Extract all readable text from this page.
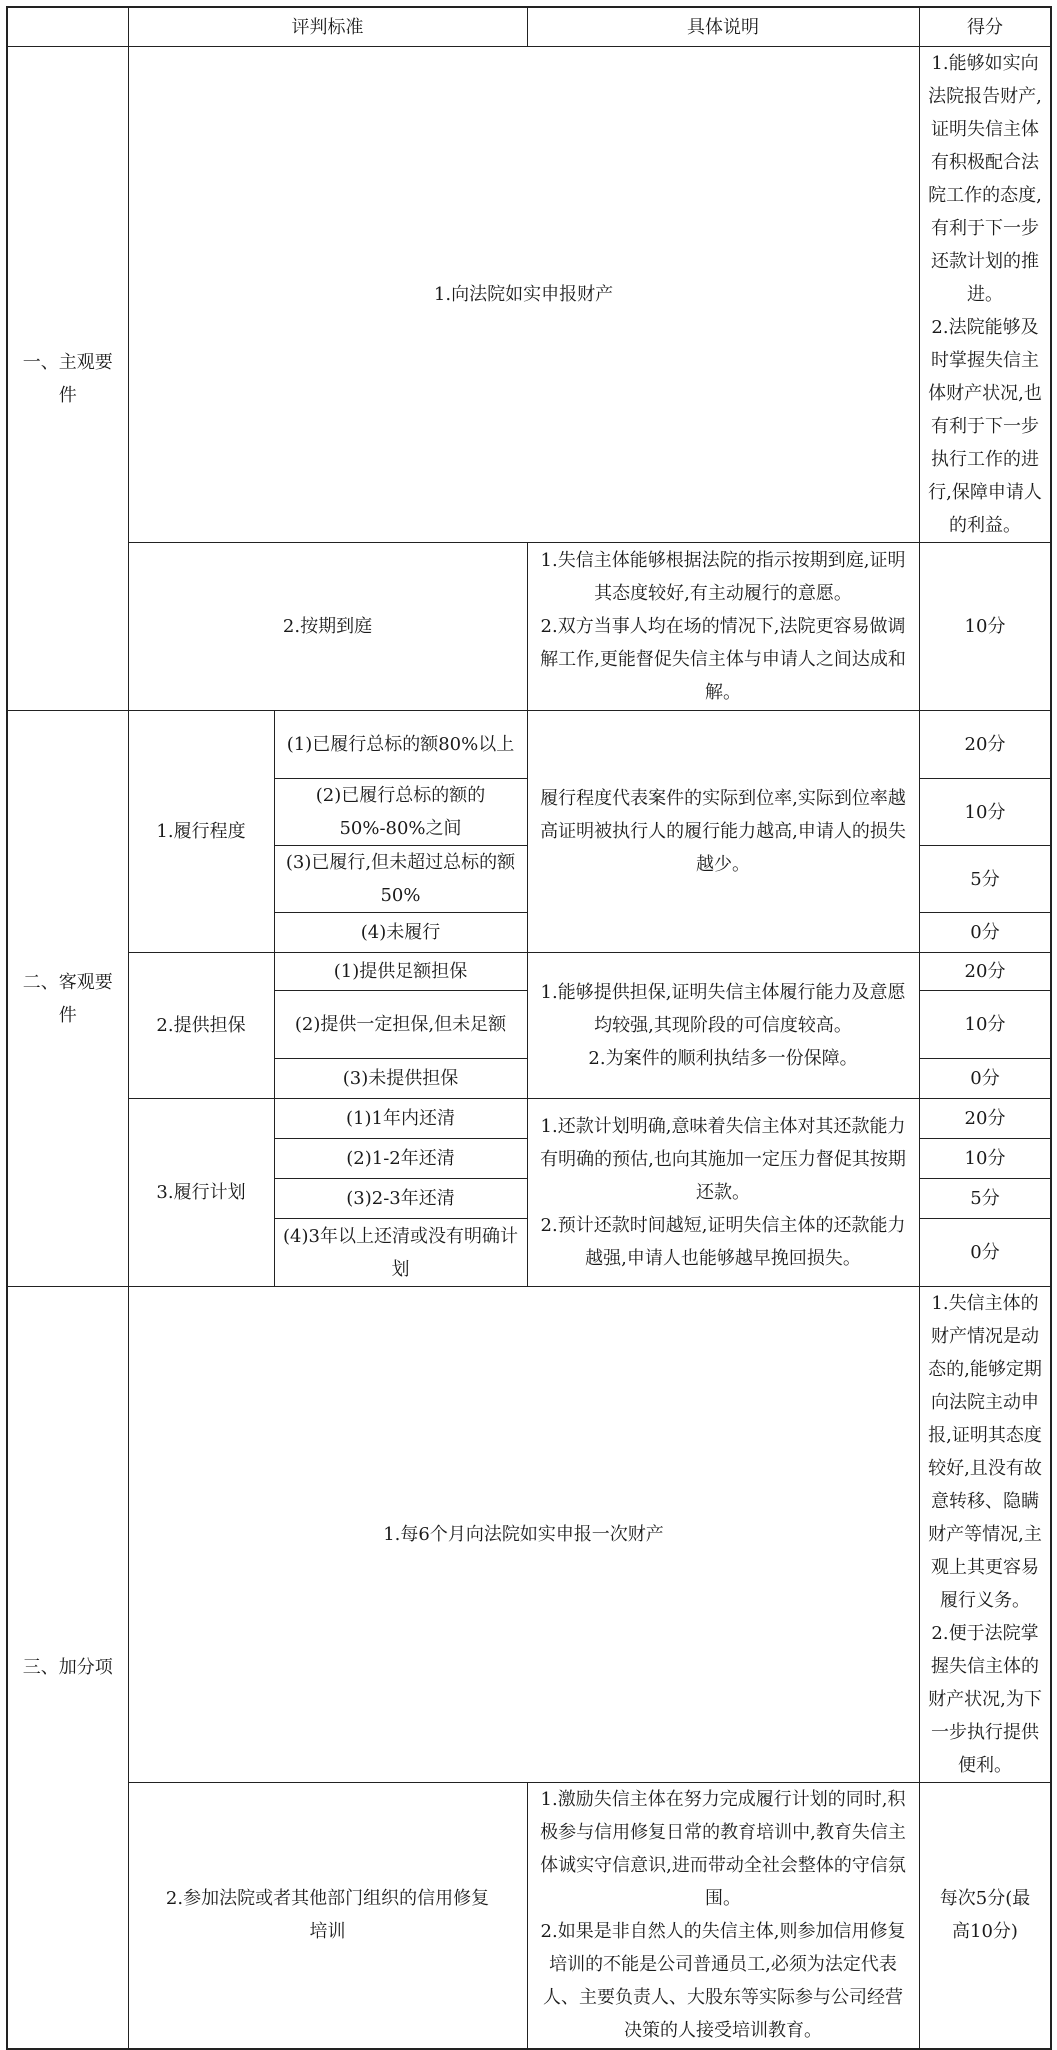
	评判标准		具体说明	得分	
一、主观要件	1.向法院如实申报财产			1.能够如实向法院报告财产,证明失信主体有积极配合法院工作的态度,有利于下一步还款计划的推进。
2.法院能够及时掌握失信主体财产状况,也有利于下一步执行工作的进行,保障申请人的利益。

	2.按期到庭		1.失信主体能够根据法院的指示按期到庭,证明其态度较好,有主动履行的意愿。
2.双方当事人均在场的情况下,法院更容易做调解工作,更能督促失信主体与申请人之间达成和解。	10分	
二、客观要件	1.履行程度	(1)已履行总标的额80%以上	履行程度代表案件的实际到位率,实际到位率越高证明被执行人的履行能力越高,申请人的损失越少。	20分	
		(2)已履行总标的额的50%-80%之间		10分	
		(3)已履行,但未超过总标的额50%		5分	
		(4)未履行		0分	
	2.提供担保	(1)提供足额担保	1.能够提供担保,证明失信主体履行能力及意愿均较强,其现阶段的可信度较高。
2.为案件的顺利执结多一份保障。	20分	
		(2)提供一定担保,但未足额		10分	
		(3)未提供担保		0分	
	3.履行计划	(1)1年内还清	1.还款计划明确,意味着失信主体对其还款能力有明确的预估,也向其施加一定压力督促其按期还款。
2.预计还款时间越短,证明失信主体的还款能力越强,申请人也能够越早挽回损失。	20分	
		(2)1-2年还清		10分	
		(3)2-3年还清		5分	
		(4)3年以上还清或没有明确计划		0分	
三、加分项	1.每6个月向法院如实申报一次财产			1.失信主体的财产情况是动态的,能够定期向法院主动申报,证明其态度较好,且没有故意转移、隐瞒财产等情况,主观上其更容易履行义务。
2.便于法院掌握失信主体的财产状况,为下一步执行提供便利。

	2.参加法院或者其他部门组织的信用修复培训		1.激励失信主体在努力完成履行计划的同时,积极参与信用修复日常的教育培训中,教育失信主体诚实守信意识,进而带动全社会整体的守信氛围。
2.如果是非自然人的失信主体,则参加信用修复培训的不能是公司普通员工,必须为法定代表人、主要负责人、大股东等实际参与公司经营决策的人接受培训教育。	每次5分(最高10分)	
